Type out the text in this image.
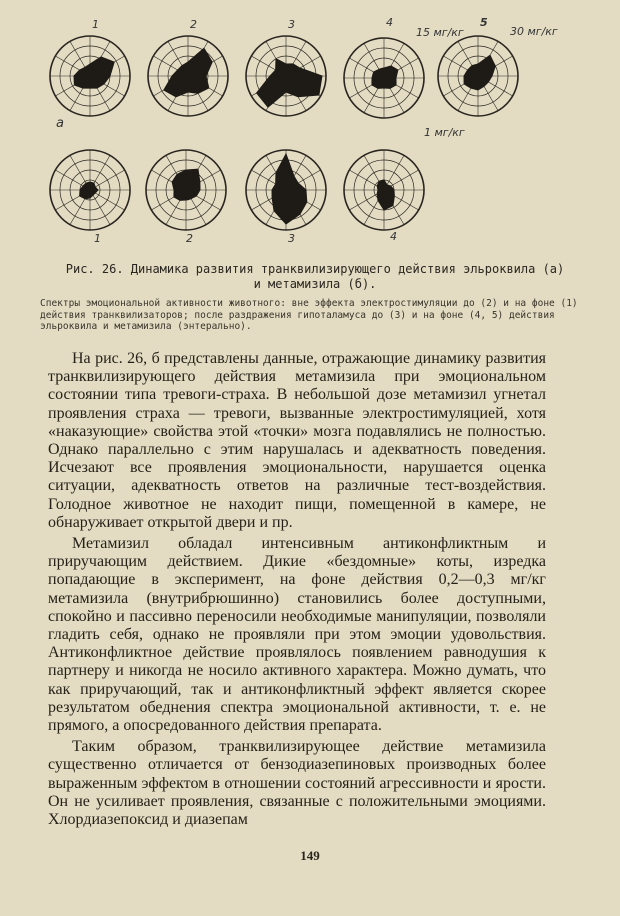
1	2	3	4
15 мг/кг
5
30 мг/кг
a
1 мг/кг
1	2	3	4
Рис. 26. Динамика развития транквилизирующего действия эльроквила (а)
и метамизила (б).
Спектры эмоциональной активности животного: вне эффекта электростимуляции до (2) и на фоне (1) действия транквилизаторов; после раздражения гипоталамуса до (3) и на фоне (4, 5) действия эльроквила и метамизила (энтерально).

На рис. 26, б представлены данные, отражающие динамику развития транквилизирующего действия метамизила при эмоциональном состоянии типа тревоги-страха. В небольшой дозе метамизил угнетал проявления страха — тревоги, вызванные электростимуляцией, хотя «наказующие» свойства этой «точки» мозга подавлялись не полностью. Однако параллельно с этим нарушалась и адекватность поведения. Исчезают все проявления эмоциональности, нарушается оценка ситуации, адекватность ответов на различные тест-воздействия. Голодное животное не находит пищи, помещенной в камере, не обнаруживает открытой двери и пр.

Метамизил обладал интенсивным антиконфликтным и приручающим действием. Дикие «бездомные» коты, изредка попадающие в эксперимент, на фоне действия 0,2—0,3 мг/кг метамизила (внутрибрюшинно) становились более доступными, спокойно и пассивно переносили необходимые манипуляции, позволяли гладить себя, однако не проявляли при этом эмоции удовольствия. Антиконфликтное действие проявлялось появлением равнодушия к партнеру и никогда не носило активного характера. Можно думать, что как приручающий, так и антиконфликтный эффект является скорее результатом обеднения спектра эмоциональной активности, т. е. не прямого, а опосредованного действия препарата.

Таким образом, транквилизирующее действие метамизила существенно отличается от бензодиазепиновых производных более выраженным эффектом в отношении состояний агрессивности и ярости. Он не усиливает проявления, связанные с положительными эмоциями. Хлордиазепоксид и диазепам

149
